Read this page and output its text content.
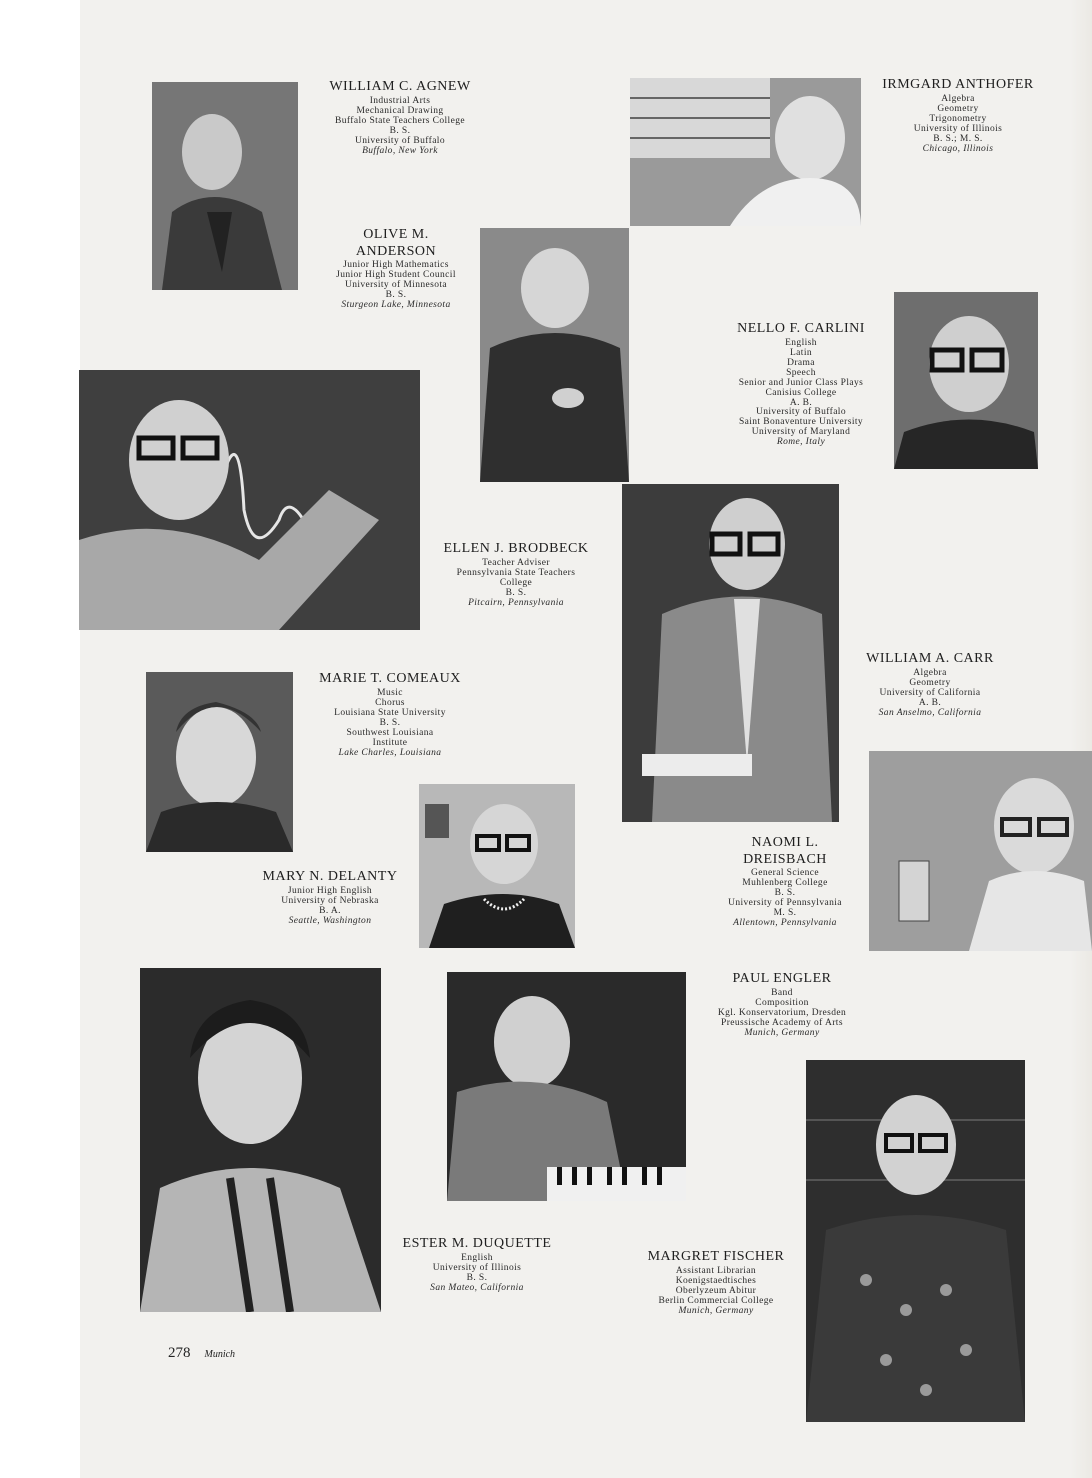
WILLIAM C. AGNEW
Industrial Arts
Mechanical Drawing
Buffalo State Teachers College
B. S.
University of Buffalo
Buffalo, New York
IRMGARD ANTHOFER
Algebra
Geometry
Trigonometry
University of Illinois
B. S.; M. S.
Chicago, Illinois
OLIVE M.
ANDERSON
Junior High Mathematics
Junior High Student Council
University of Minnesota
B. S.
Sturgeon Lake, Minnesota
NELLO F. CARLINI
English
Latin
Drama
Speech
Senior and Junior Class Plays
Canisius College
A. B.
University of Buffalo
Saint Bonaventure University
University of Maryland
Rome, Italy
ELLEN J. BRODBECK
Teacher Adviser
Pennsylvania State Teachers
College
B. S.
Pitcairn, Pennsylvania
WILLIAM A. CARR
Algebra
Geometry
University of California
A. B.
San Anselmo, California
MARIE T. COMEAUX
Music
Chorus
Louisiana State University
B. S.
Southwest Louisiana
Institute
Lake Charles, Louisiana
NAOMI L.
DREISBACH
General Science
Muhlenberg College
B. S.
University of Pennsylvania
M. S.
Allentown, Pennsylvania
MARY N. DELANTY
Junior High English
University of Nebraska
B. A.
Seattle, Washington
PAUL ENGLER
Band
Composition
Kgl. Konservatorium, Dresden
Preussische Academy of Arts
Munich, Germany
ESTER M. DUQUETTE
English
University of Illinois
B. S.
San Mateo, California
MARGRET FISCHER
Assistant Librarian
Koenigstaedtisches
Oberlyzeum Abitur
Berlin Commercial College
Munich, Germany
278 Munich
